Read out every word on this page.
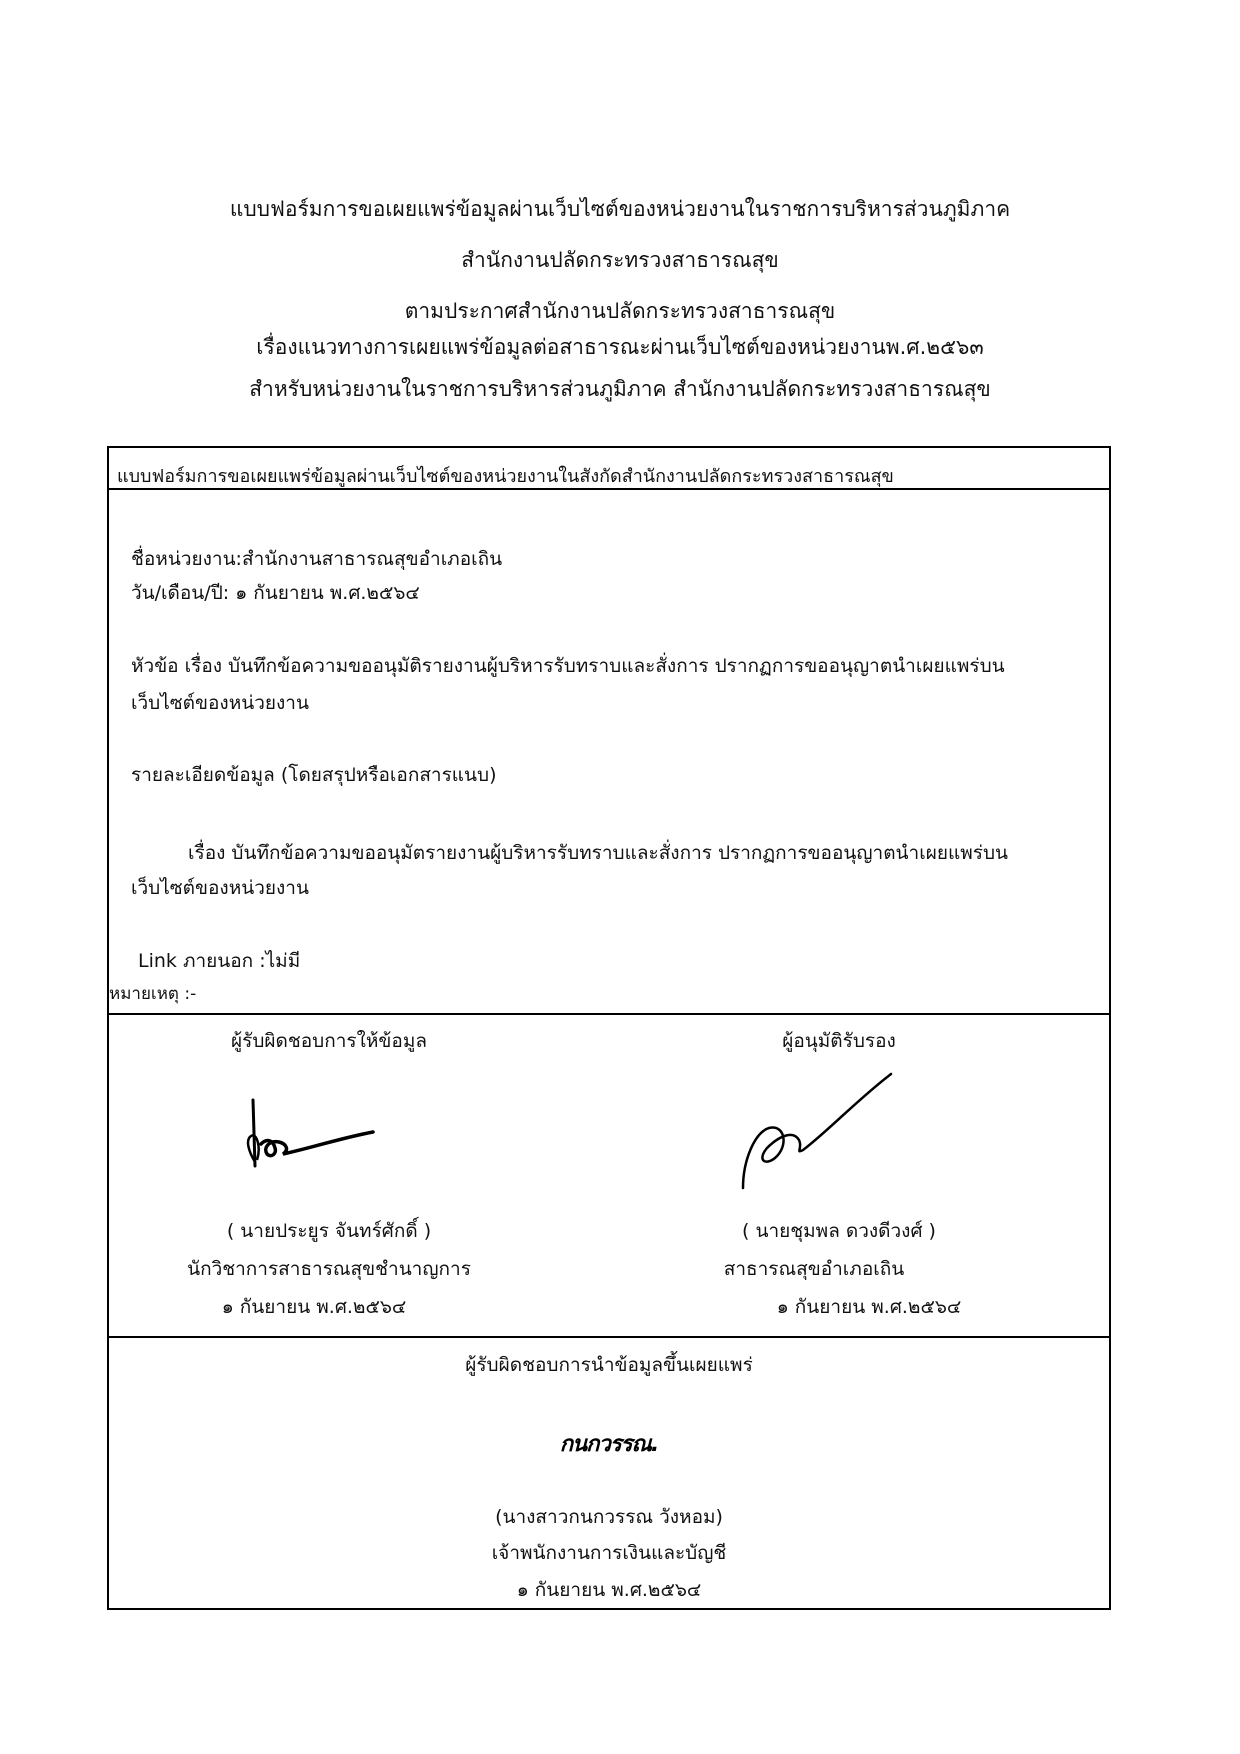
แบบฟอร์มการขอเผยแพร่ข้อมูลผ่านเว็บไซต์ของหน่วยงานในราชการบริหารส่วนภูมิภาค
สำนักงานปลัดกระทรวงสาธารณสุข
ตามประกาศสำนักงานปลัดกระทรวงสาธารณสุข
เรื่องแนวทางการเผยแพร่ข้อมูลต่อสาธารณะผ่านเว็บไซต์ของหน่วยงานพ.ศ.๒๕๖๓
สำหรับหน่วยงานในราชการบริหารส่วนภูมิภาค สำนักงานปลัดกระทรวงสาธารณสุข
แบบฟอร์มการขอเผยแพร่ข้อมูลผ่านเว็บไซต์ของหน่วยงานในสังกัดสำนักงานปลัดกระทรวงสาธารณสุข
ชื่อหน่วยงาน:สำนักงานสาธารณสุขอำเภอเถิน
วัน/เดือน/ปี: ๑ กันยายน พ.ศ.๒๕๖๔
หัวข้อ เรื่อง บันทึกข้อความขออนุมัติรายงานผู้บริหารรับทราบและสั่งการ ปรากฏการขออนุญาตนำเผยแพร่บน
เว็บไซต์ของหน่วยงาน
รายละเอียดข้อมูล (โดยสรุปหรือเอกสารแนบ)
เรื่อง บันทึกข้อความขออนุมัตรายงานผู้บริหารรับทราบและสั่งการ ปรากฏการขออนุญาตนำเผยแพร่บน
เว็บไซต์ของหน่วยงาน
Link ภายนอก :ไม่มี
หมายเหตุ :-
ผู้รับผิดชอบการให้ข้อมูล	ผู้อนุมัติรับรอง
( นายประยูร จันทร์ศักดิ์ )	( นายชุมพล ดวงดีวงศ์ )
นักวิชาการสาธารณสุขชำนาญการ	สาธารณสุขอำเภอเถิน
๑ กันยายน พ.ศ.๒๕๖๔	๑ กันยายน พ.ศ.๒๕๖๔
ผู้รับผิดชอบการนำข้อมูลขึ้นเผยแพร่
กนกวรรณ.
(นางสาวกนกวรรณ วังหอม)
เจ้าพนักงานการเงินและบัญชี
๑ กันยายน พ.ศ.๒๕๖๔
